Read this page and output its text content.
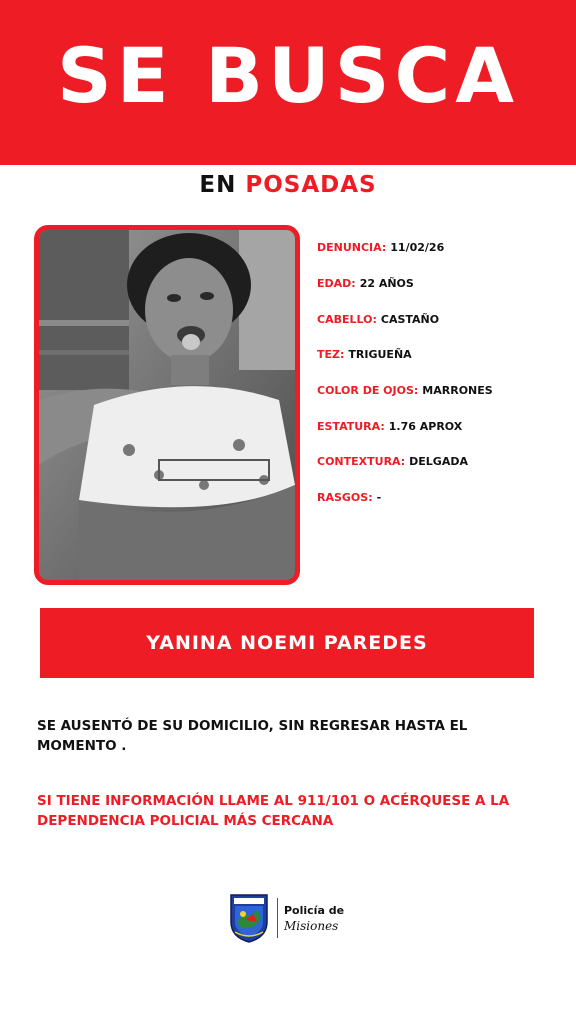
SE BUSCA
EN POSADAS
DENUNCIA: 11/02/26
EDAD: 22 AÑOS
CABELLO: CASTAÑO
TEZ: TRIGUEÑA
COLOR DE OJOS: MARRONES
ESTATURA: 1.76 APROX
CONTEXTURA: DELGADA
RASGOS: -
YANINA NOEMI PAREDES
SE AUSENTÓ DE SU DOMICILIO, SIN REGRESAR HASTA EL MOMENTO .
SI TIENE INFORMACIÓN LLAME AL 911/101 O ACÉRQUESE A LA DEPENDENCIA POLICIAL MÁS CERCANA
Policía de
Misiones
